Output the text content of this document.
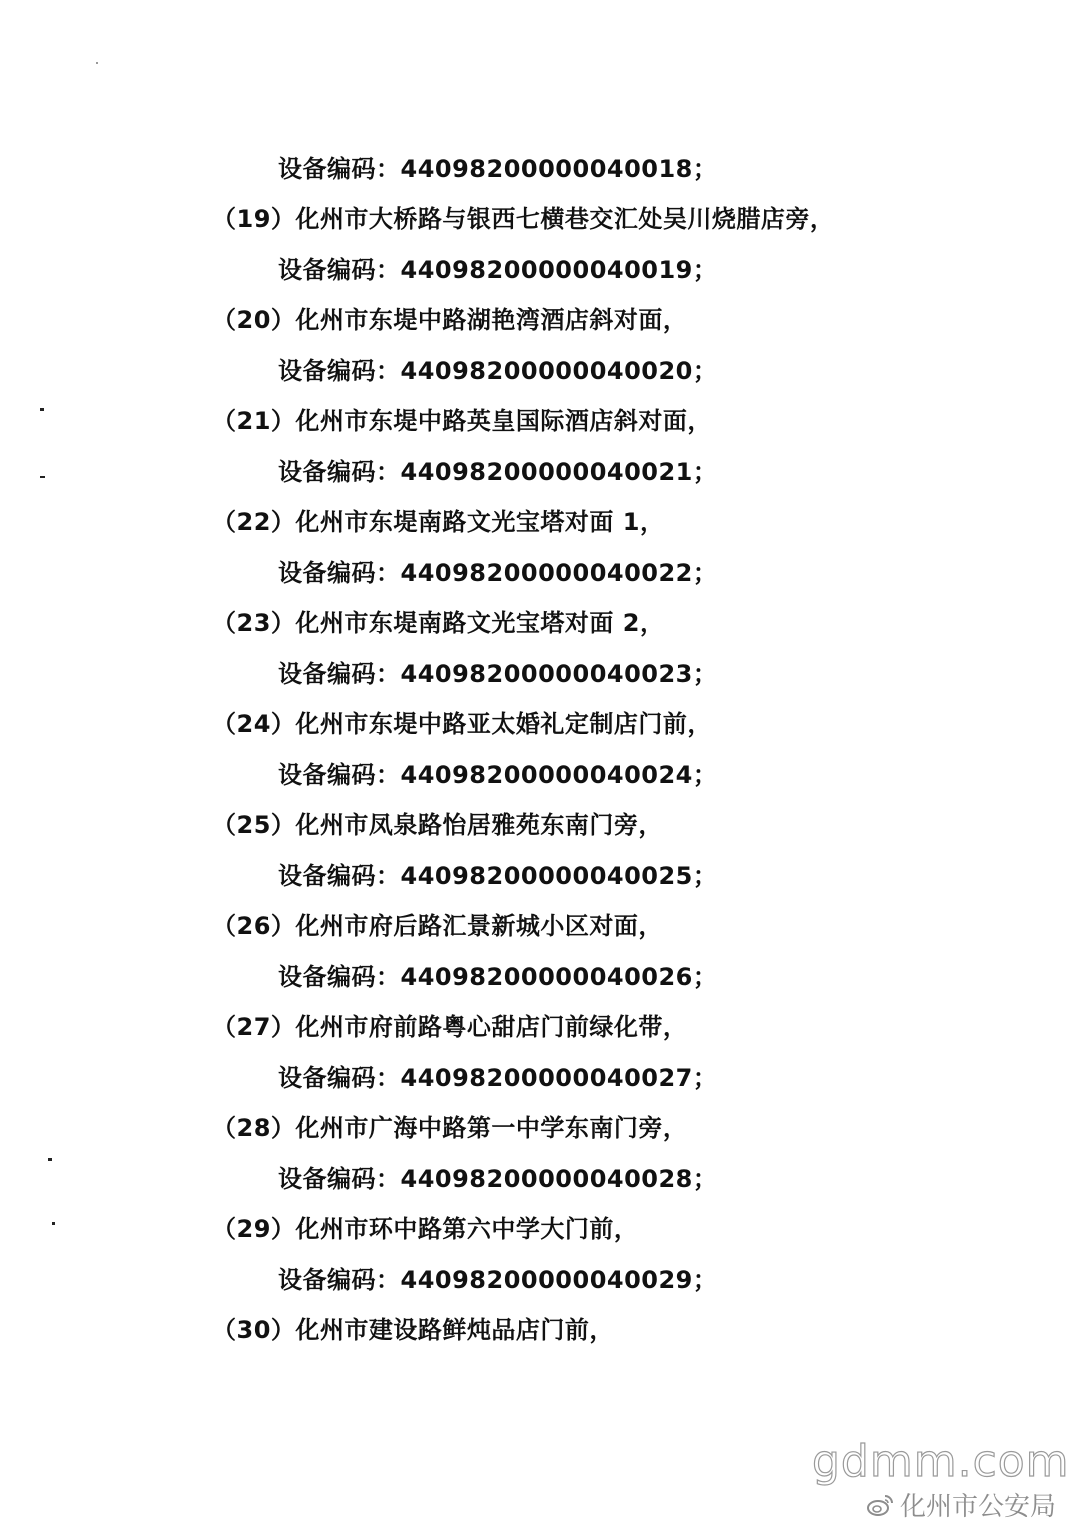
设备编码：44098200000040018；
（19）化州市大桥路与银西七横巷交汇处吴川烧腊店旁，
设备编码：44098200000040019；
（20）化州市东堤中路湖艳湾酒店斜对面，
设备编码：44098200000040020；
（21）化州市东堤中路英皇国际酒店斜对面，
设备编码：44098200000040021；
（22）化州市东堤南路文光宝塔对面 1，
设备编码：44098200000040022；
（23）化州市东堤南路文光宝塔对面 2，
设备编码：44098200000040023；
（24）化州市东堤中路亚太婚礼定制店门前，
设备编码：44098200000040024；
（25）化州市凤泉路怡居雅苑东南门旁，
设备编码：44098200000040025；
（26）化州市府后路汇景新城小区对面，
设备编码：44098200000040026；
（27）化州市府前路粤心甜店门前绿化带，
设备编码：44098200000040027；
（28）化州市广海中路第一中学东南门旁，
设备编码：44098200000040028；
（29）化州市环中路第六中学大门前，
设备编码：44098200000040029；
（30）化州市建设路鲜炖品店门前，
gdmm.com
化州市公安局
